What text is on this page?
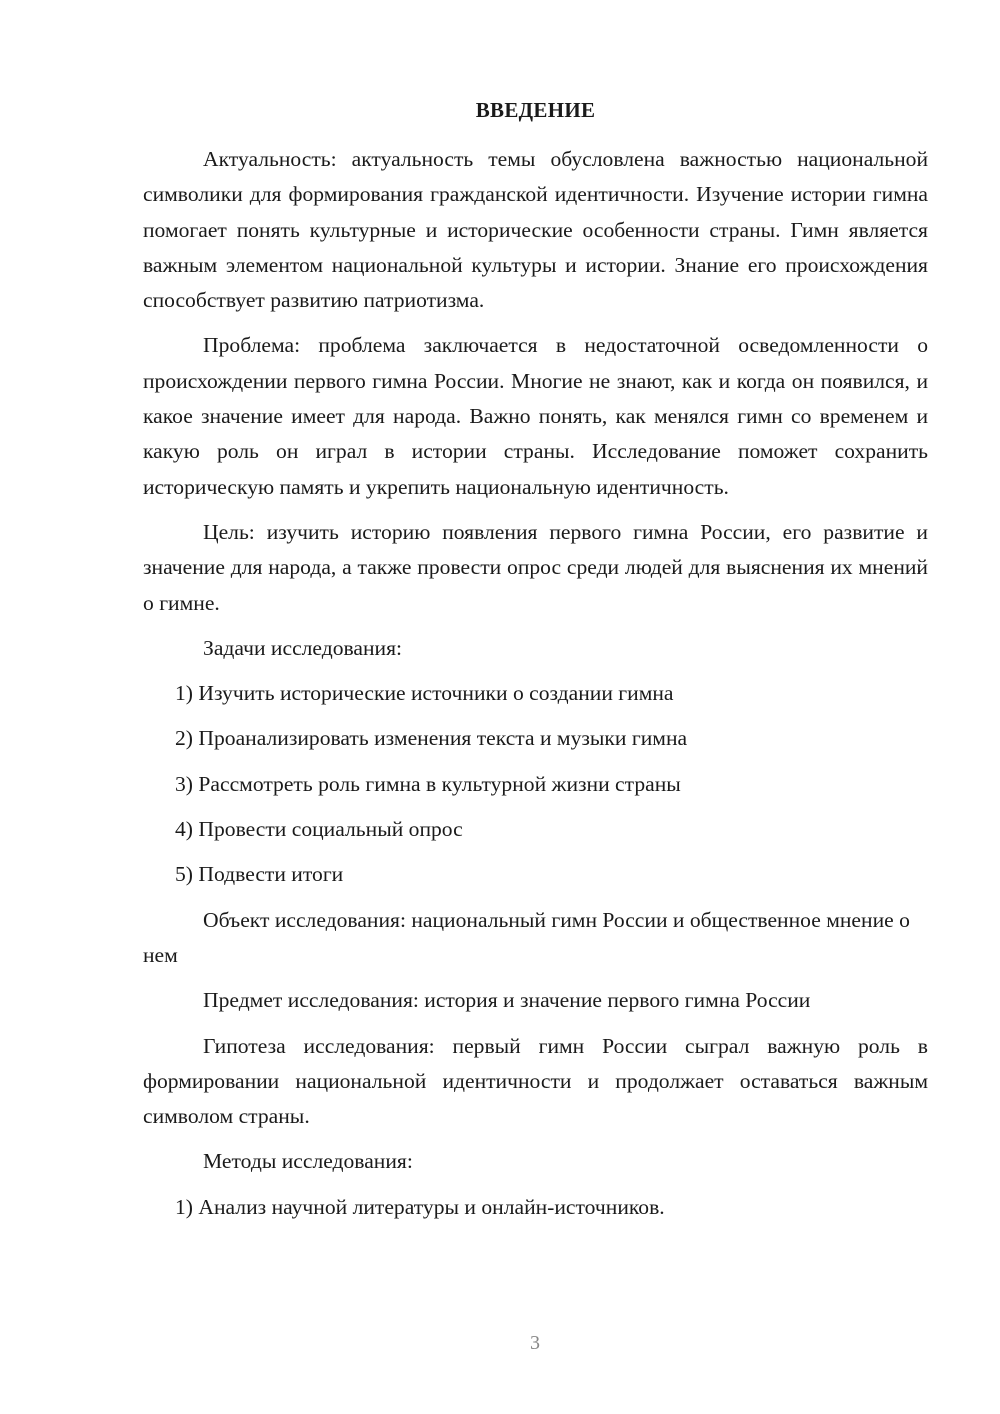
ВВЕДЕНИЕ

Актуальность: актуальность темы обусловлена важностью национальной символики для формирования гражданской идентичности. Изучение истории гимна помогает понять культурные и исторические особенности страны. Гимн является важным элементом национальной культуры и истории. Знание его происхождения способствует развитию патриотизма.

Проблема: проблема заключается в недостаточной осведомленности о происхождении первого гимна России. Многие не знают, как и когда он появился, и какое значение имеет для народа. Важно понять, как менялся гимн со временем и какую роль он играл в истории страны. Исследование поможет сохранить историческую память и укрепить национальную идентичность.

Цель: изучить историю появления первого гимна России, его развитие и значение для народа, а также провести опрос среди людей для выяснения их мнений о гимне.

Задачи исследования:

1) Изучить исторические источники о создании гимна
2) Проанализировать изменения текста и музыки гимна
3) Рассмотреть роль гимна в культурной жизни страны
4) Провести социальный опрос
5) Подвести итоги

Объект исследования: национальный гимн России и общественное мнение о нем

Предмет исследования: история и значение первого гимна России

Гипотеза исследования: первый гимн России сыграл важную роль в формировании национальной идентичности и продолжает оставаться важным символом страны.

Методы исследования:

1) Анализ научной литературы и онлайн-источников.
3
